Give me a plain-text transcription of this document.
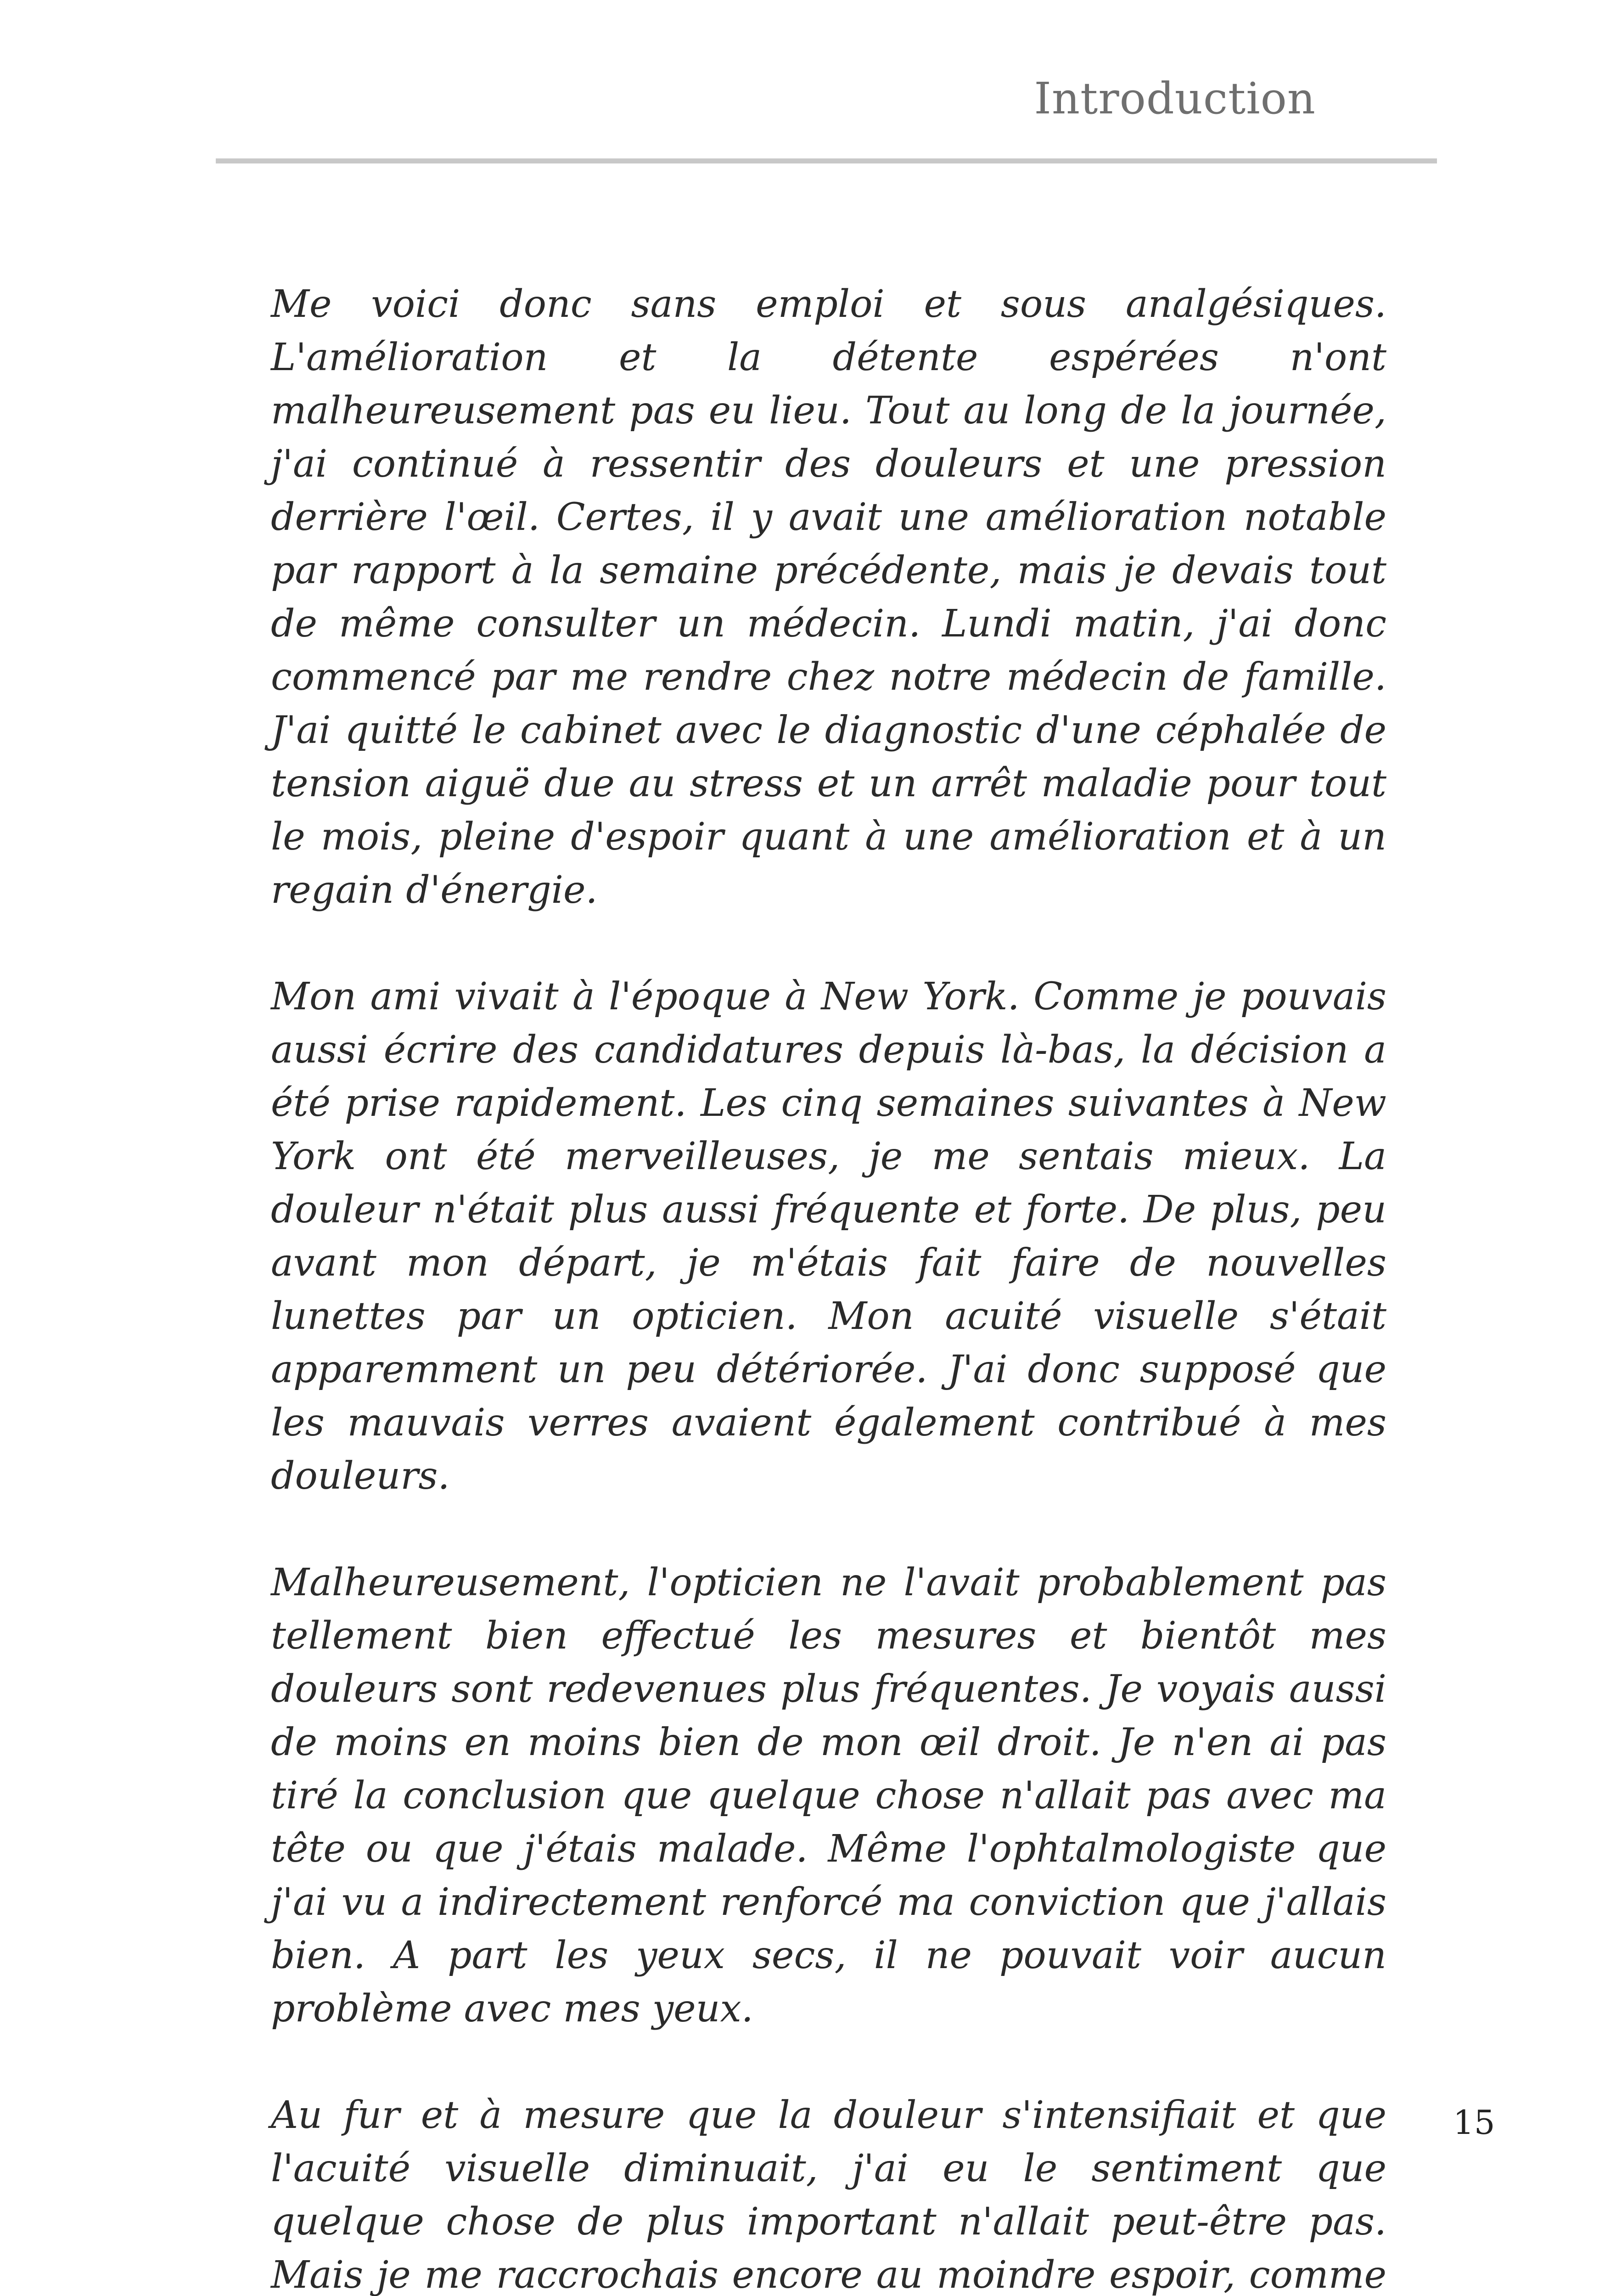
Introduction

Me voici donc sans emploi et sous analgésiques. L'amélioration et la détente espérées n'ont malheureusement pas eu lieu. Tout au long de la journée, j'ai continué à ressentir des douleurs et une pression derrière l'œil. Certes, il y avait une amélioration notable par rapport à la semaine précédente, mais je devais tout de même consulter un médecin. Lundi matin, j'ai donc commencé par me rendre chez notre médecin de famille. J'ai quitté le cabinet avec le diagnostic d'une céphalée de tension aiguë due au stress et un arrêt maladie pour tout le mois, pleine d'espoir quant à une amélioration et à un regain d'énergie.

Mon ami vivait à l'époque à New York. Comme je pouvais aussi écrire des candidatures depuis là-bas, la décision a été prise rapidement. Les cinq semaines suivantes à New York ont été merveilleuses, je me sentais mieux. La douleur n'était plus aussi fréquente et forte. De plus, peu avant mon départ, je m'étais fait faire de nouvelles lunettes par un opticien. Mon acuité visuelle s'était apparemment un peu détériorée. J'ai donc supposé que les mauvais verres avaient également contribué à mes douleurs.

Malheureusement, l'opticien ne l'avait probablement pas tellement bien effectué les mesures et bientôt mes douleurs sont redevenues plus fréquentes. Je voyais aussi de moins en moins bien de mon œil droit. Je n'en ai pas tiré la conclusion que quelque chose n'allait pas avec ma tête ou que j'étais malade. Même l'ophtalmologiste que j'ai vu a indirectement renforcé ma conviction que j'allais bien. A part les yeux secs, il ne pouvait voir aucun problème avec mes yeux.

Au fur et à mesure que la douleur s'intensifiait et que l'acuité visuelle diminuait, j'ai eu le sentiment que quelque chose de plus important n'allait peut-être pas. Mais je me raccrochais encore au moindre espoir, comme

15
